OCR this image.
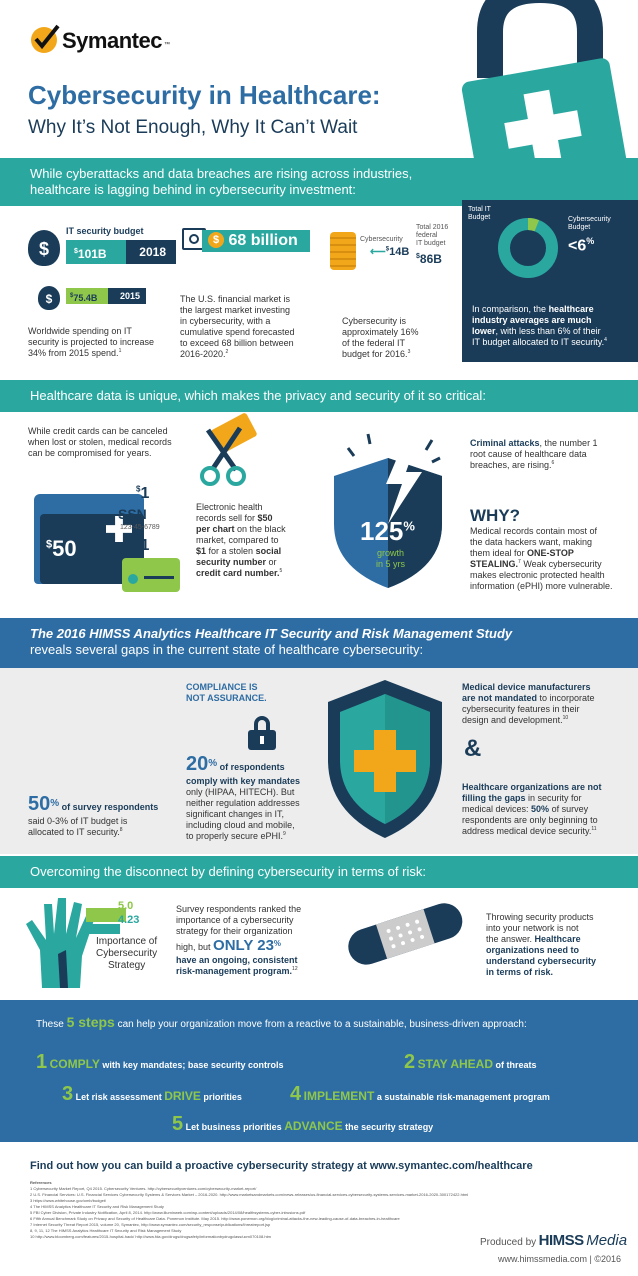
Symantec ™
Cybersecurity in Healthcare:
Why It’s Not Enough, Why It Can’t Wait
While cyberattacks and data breaches are rising across industries,
healthcare is lagging behind in cybersecurity investment:
$
IT security budget
$101B	2018
$	$75.4B	2015
Worldwide spending on IT
security is projected to increase
34% from 2015 spend.$^1$
$ 68 billion
The U.S. financial market is
the largest market investing
in cybersecurity, with a
cumulative spend forecasted
to exceed 68 billion between
2016-2020.$^2$
Total 2016
federal
IT budget
$86B
Cybersecurity
⟵$14B
Cybersecurity is
approximately 16%
of the federal IT
budget for 2016.$^3$
Total IT
Budget	Cybersecurity
Budget
<6%
In comparison, the healthcare
industry averages are much
lower, with less than 6% of their
IT budget allocated to IT security.$^4$
Healthcare data is unique, which makes the privacy and security of it so critical:
While credit cards can be canceled
when lost or stolen, medical records
can be compromised for years.
$50
$1
SSN
123-45-6789
$1
Electronic health
records sell for $50
per chart on the black
market, compared to
$1 for a stolen social
security number or
credit card number.$^5$
125%
growth
in 5 yrs
Criminal attacks, the number 1
root cause of healthcare data
breaches, are rising.$^6$
WHY?
Medical records contain most of
the data hackers want, making
them ideal for ONE-STOP
STEALING.$^7$ Weak cybersecurity
makes electronic protected health
information (ePHI) more vulnerable.
The 2016 HIMSS Analytics Healthcare IT Security and Risk Management Study
reveals several gaps in the current state of healthcare cybersecurity:
COMPLIANCE IS
NOT ASSURANCE.
50% of survey respondents
said 0-3% of IT budget is
allocated to IT security.$^8$
20% of respondents
comply with key mandates
only (HIPAA, HITECH). But
neither regulation addresses
significant changes in IT,
including cloud and mobile,
to properly secure ePHI.$^9$
Medical device manufacturers
are not mandated to incorporate
cybersecurity features in their
design and development.$^{10}$
&
Healthcare organizations are not
filling the gaps in security for
medical devices: 50% of survey
respondents are only beginning to
address medical device security.$^{11}$
Overcoming the disconnect by defining cybersecurity in terms of risk:
5.0
4.23
Importance of
Cybersecurity
Strategy
Survey respondents ranked the
importance of a cybersecurity
strategy for their organization
high, but ONLY 23%
have an ongoing, consistent
risk-management program.$^{12}$
Throwing security products
into your network is not
the answer. Healthcare
organizations need to
understand cybersecurity
in terms of risk.
These 5 steps can help your organization move from a reactive to a sustainable, business-driven approach:
1 COMPLY with key mandates; base security controls	2 STAY AHEAD of threats
3 Let risk assessment DRIVE priorities 4 IMPLEMENT a sustainable risk-management program
5 Let business priorities ADVANCE the security strategy
Find out how you can build a proactive cybersecurity strategy at www.symantec.com/healthcare
References
1 Cybersecurity Market Report, Q4 2015. Cybersecurity Ventures. http://cybersecurityventures.com/cybersecurity-market-report/
2 U.S. Financial Services: U.S. Financial Services Cybersecurity Systems & Services Market – 2016-2020. http://www.marketsandmarkets.com/news-releases/us-financial-services-cybersecurity-systems-services-market-2016-2020-300172422.html
3 https://www.whitehouse.gov/omb/budget/
4 The HIMSS Analytics Healthcare IT Security and Risk Management Study
5 FBI Cyber Division, Private Industry Notification, April 8, 2014. http://www.illuminweb.com/wp-content/uploads/2014/08/healthsystems-cyber-intrusions.pdf
6 Fifth Annual Benchmark Study on Privacy and Security of Healthcare Data. Ponemon Institute. May 2015. http://www.ponemon.org/blog/criminal-attacks-the-new-leading-cause-of-data-breaches-in-healthcare
7 Internet Security Threat Report 2015, volume 20, Symantec, http://www.symantec.com/security_response/publications/threatreport.jsp
8, 9, 11, 12 The HIMSS Analytics Healthcare IT Security and Risk Management Study
10 http://www.bloomberg.com/features/2015-hospital-hack/ http://www.fda.gov/drugs/drugsafety/informationbydrugclass/ucm070108.htm
Produced by HIMSS Media
www.himssmedia.com | ©2016
